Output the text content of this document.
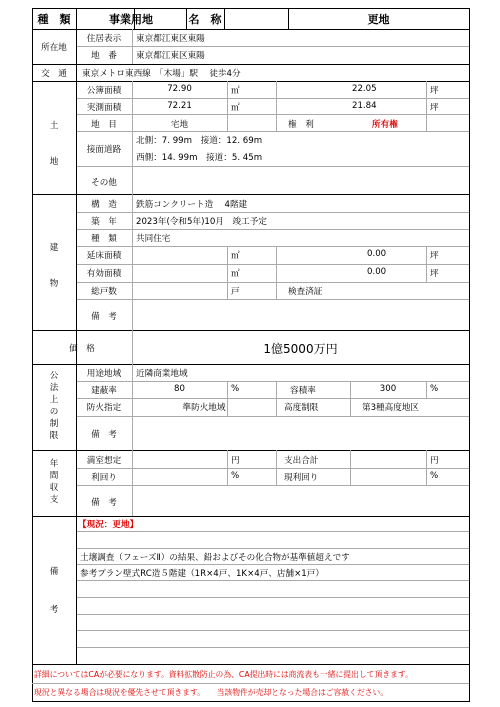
種　類	事業用地	名　称	更地
所在地
住居表示	東京都江東区東陽
地　番	東京都江東区東陽
交　通	東京メトロ東西線　「木場」駅　 徒歩4分
土
地
公簿面積	72.90	㎡	22.05	坪
実測面積	72.21	㎡	21.84	坪
地　目	宅地	権　利	所有権
接面道路
北側：7. 99m　接道：12. 69m
西側：14. 99m　接道：5. 45m
その他
建
物
構　造	鉄筋コンクリート造　 4階建
築　年	2023年(令和5年)10月　竣工予定
種　類	共同住宅
延床面積	㎡	0.00	坪
有効面積	㎡	0.00	坪
総戸数	戸	検査済証
備　考
価　格	1億5000万円
公
法
上
の
制
限
用途地域	近隣商業地域
建蔽率	80	%	容積率	300	%
防火指定	準防火地域	高度制限	第3種高度地区
備　考
年
間
収
支
満室想定	円	支出合計	円
利回り	%	現利回り	%
備　考
備
考
【現況：更地】
土壌調査（フェーズⅡ）の結果、鉛およびその化合物が基準値超えです
参考プラン壁式RC造５階建（1R×4戸、1K×4戸、店舗×1戸）
詳細についてはCAが必要になります。資料拡散防止の為、CA提出時には商流表も一緒に提出して頂きます。
現況と異なる場合は現況を優先させて頂きます。　　当該物件が売却となった場合はご容赦ください。
